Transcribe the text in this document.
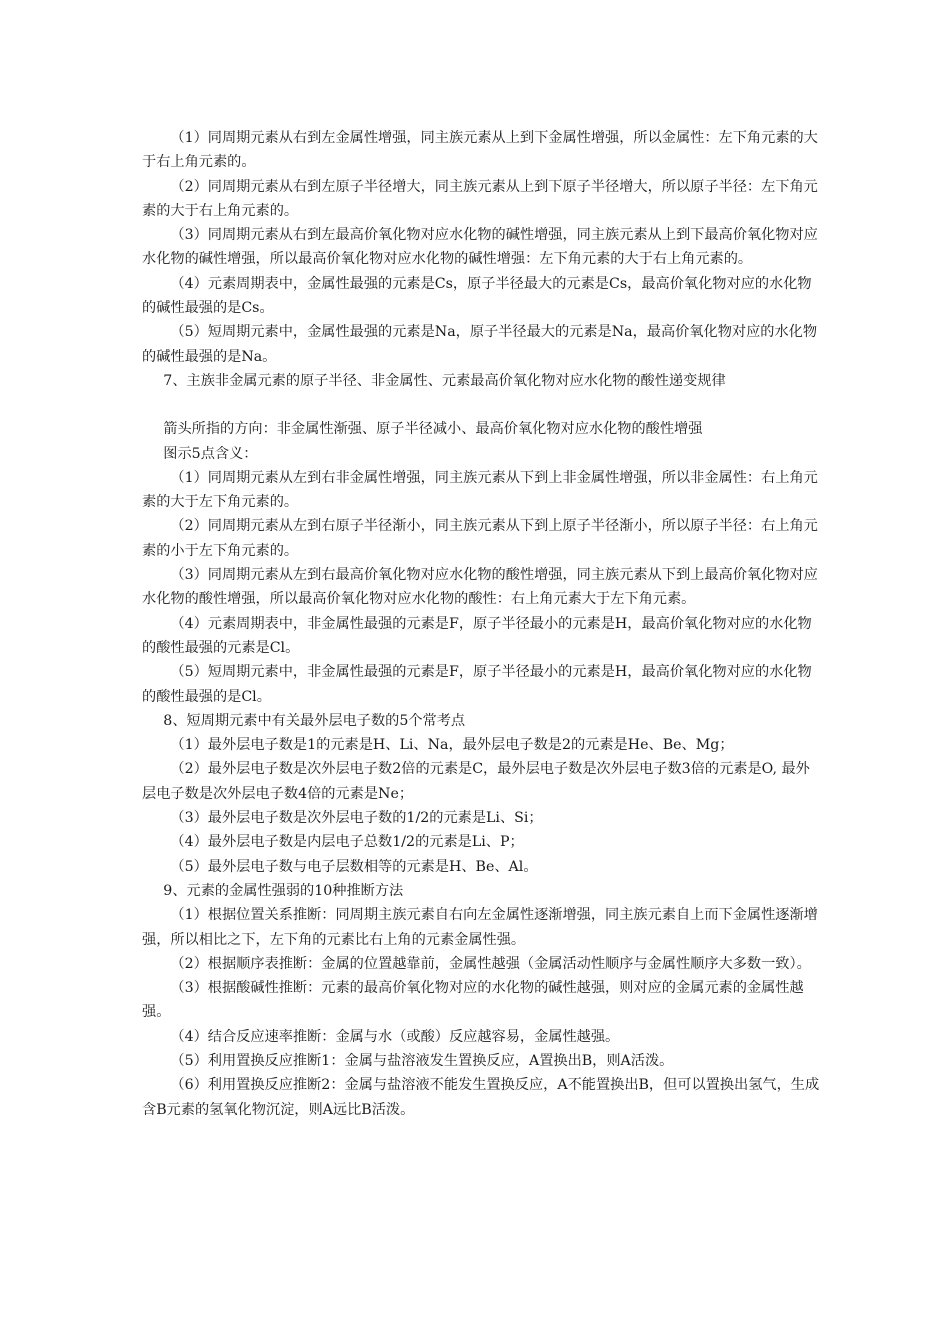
（1）同周期元素从右到左金属性增强，同主族元素从上到下金属性增强，所以金属性：左下角元素的大于右上角元素的。

（2）同周期元素从右到左原子半径增大，同主族元素从上到下原子半径增大，所以原子半径：左下角元素的大于右上角元素的。

（3）同周期元素从右到左最高价氧化物对应水化物的碱性增强，同主族元素从上到下最高价氧化物对应水化物的碱性增强，所以最高价氧化物对应水化物的碱性增强：左下角元素的大于右上角元素的。

（4）元素周期表中，金属性最强的元素是Cs，原子半径最大的元素是Cs，最高价氧化物对应的水化物的碱性最强的是Cs。

（5）短周期元素中，金属性最强的元素是Na，原子半径最大的元素是Na，最高价氧化物对应的水化物的碱性最强的是Na。

7、主族非金属元素的原子半径、非金属性、元素最高价氧化物对应水化物的酸性递变规律

箭头所指的方向：非金属性渐强、原子半径减小、最高价氧化物对应水化物的酸性增强

图示5点含义：

（1）同周期元素从左到右非金属性增强，同主族元素从下到上非金属性增强，所以非金属性：右上角元素的大于左下角元素的。

（2）同周期元素从左到右原子半径渐小，同主族元素从下到上原子半径渐小，所以原子半径：右上角元素的小于左下角元素的。

（3）同周期元素从左到右最高价氧化物对应水化物的酸性增强，同主族元素从下到上最高价氧化物对应水化物的酸性增强，所以最高价氧化物对应水化物的酸性：右上角元素大于左下角元素。

（4）元素周期表中，非金属性最强的元素是F，原子半径最小的元素是H，最高价氧化物对应的水化物的酸性最强的元素是Cl。

（5）短周期元素中，非金属性最强的元素是F，原子半径最小的元素是H，最高价氧化物对应的水化物的酸性最强的是Cl。

8、短周期元素中有关最外层电子数的5个常考点

（1）最外层电子数是1的元素是H、Li、Na，最外层电子数是2的元素是He、Be、Mg；

（2）最外层电子数是次外层电子数2倍的元素是C，最外层电子数是次外层电子数3倍的元素是O, 最外层电子数是次外层电子数4倍的元素是Ne；

（3）最外层电子数是次外层电子数的1/2的元素是Li、Si；

（4）最外层电子数是内层电子总数1/2的元素是Li、P；

（5）最外层电子数与电子层数相等的元素是H、Be、Al。

9、元素的金属性强弱的10种推断方法

（1）根据位置关系推断：同周期主族元素自右向左金属性逐渐增强，同主族元素自上而下金属性逐渐增强，所以相比之下，左下角的元素比右上角的元素金属性强。

（2）根据顺序表推断：金属的位置越靠前，金属性越强（金属活动性顺序与金属性顺序大多数一致）。

（3）根据酸碱性推断：元素的最高价氧化物对应的水化物的碱性越强，则对应的金属元素的金属性越强。

（4）结合反应速率推断：金属与水（或酸）反应越容易，金属性越强。

（5）利用置换反应推断1：金属与盐溶液发生置换反应，A置换出B，则A活泼。

（6）利用置换反应推断2：金属与盐溶液不能发生置换反应，A不能置换出B，但可以置换出氢气，生成含B元素的氢氧化物沉淀，则A远比B活泼。
